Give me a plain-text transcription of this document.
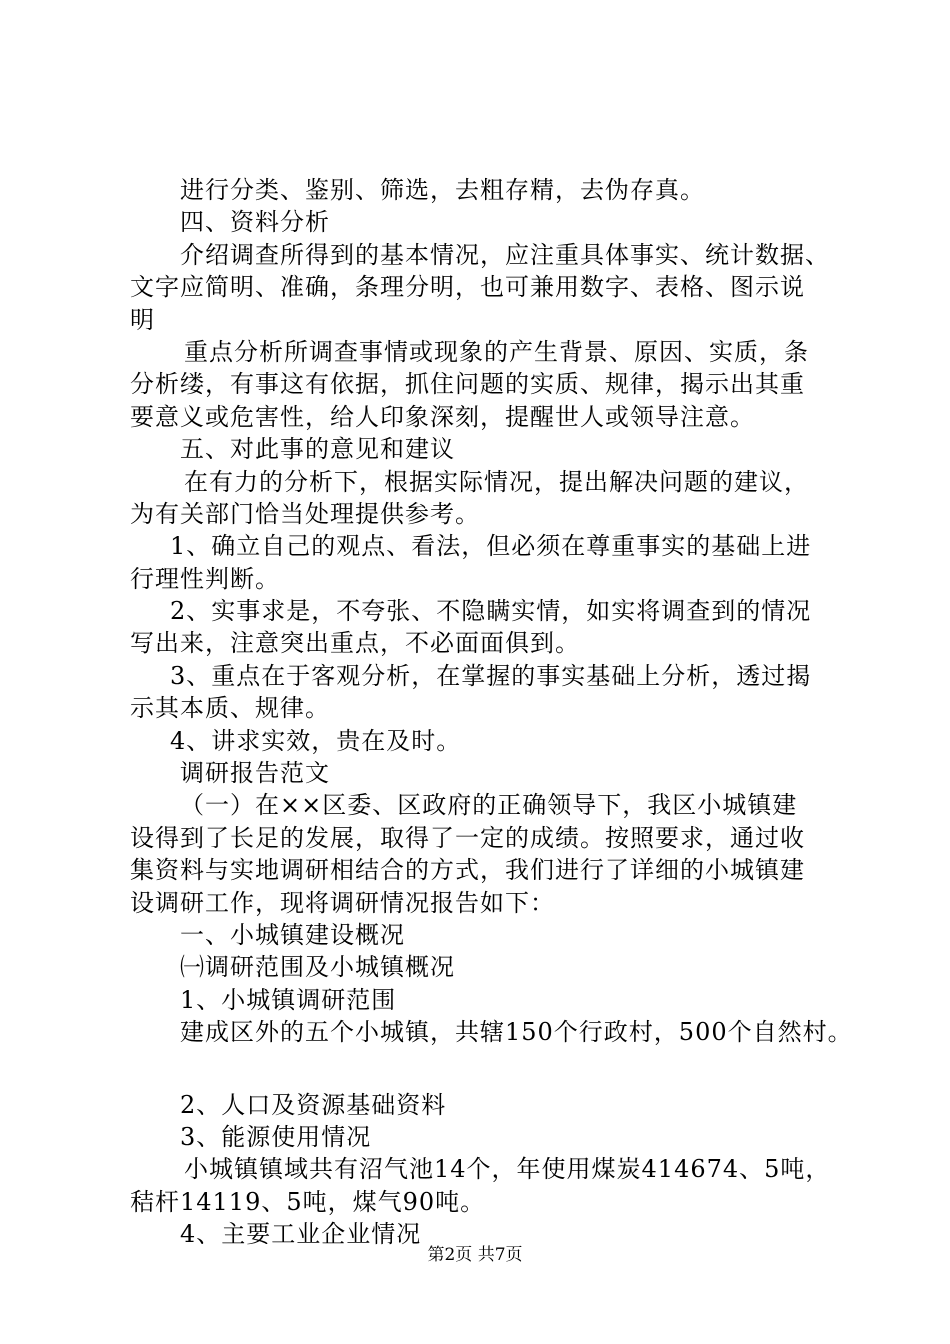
进行分类、鉴别、筛选，去粗存精，去伪存真。
四、资料分析
介绍调查所得到的基本情况，应注重具体事实、统计数据、
文字应简明、准确，条理分明，也可兼用数字、表格、图示说
明
重点分析所调查事情或现象的产生背景、原因、实质，条
分析缕，有事这有依据，抓住问题的实质、规律，揭示出其重
要意义或危害性，给人印象深刻，提醒世人或领导注意。
五、对此事的意见和建议
在有力的分析下，根据实际情况，提出解决问题的建议，
为有关部门恰当处理提供参考。
1、确立自己的观点、看法，但必须在尊重事实的基础上进
行理性判断。
2、实事求是，不夸张、不隐瞒实情，如实将调查到的情况
写出来，注意突出重点，不必面面俱到。
3、重点在于客观分析，在掌握的事实基础上分析，透过揭
示其本质、规律。
4、讲求实效，贵在及时。
调研报告范文
（一）在××区委、区政府的正确领导下，我区小城镇建
设得到了长足的发展，取得了一定的成绩。按照要求，通过收
集资料与实地调研相结合的方式，我们进行了详细的小城镇建
设调研工作，现将调研情况报告如下：
一、小城镇建设概况
㈠调研范围及小城镇概况
1、小城镇调研范围
建成区外的五个小城镇，共辖150个行政村，500个自然村。
2、人口及资源基础资料
3、能源使用情况
小城镇镇域共有沼气池14个，年使用煤炭414674、5吨，
秸杆14119、5吨，煤气90吨。
4、主要工业企业情况
第2页 共7页
